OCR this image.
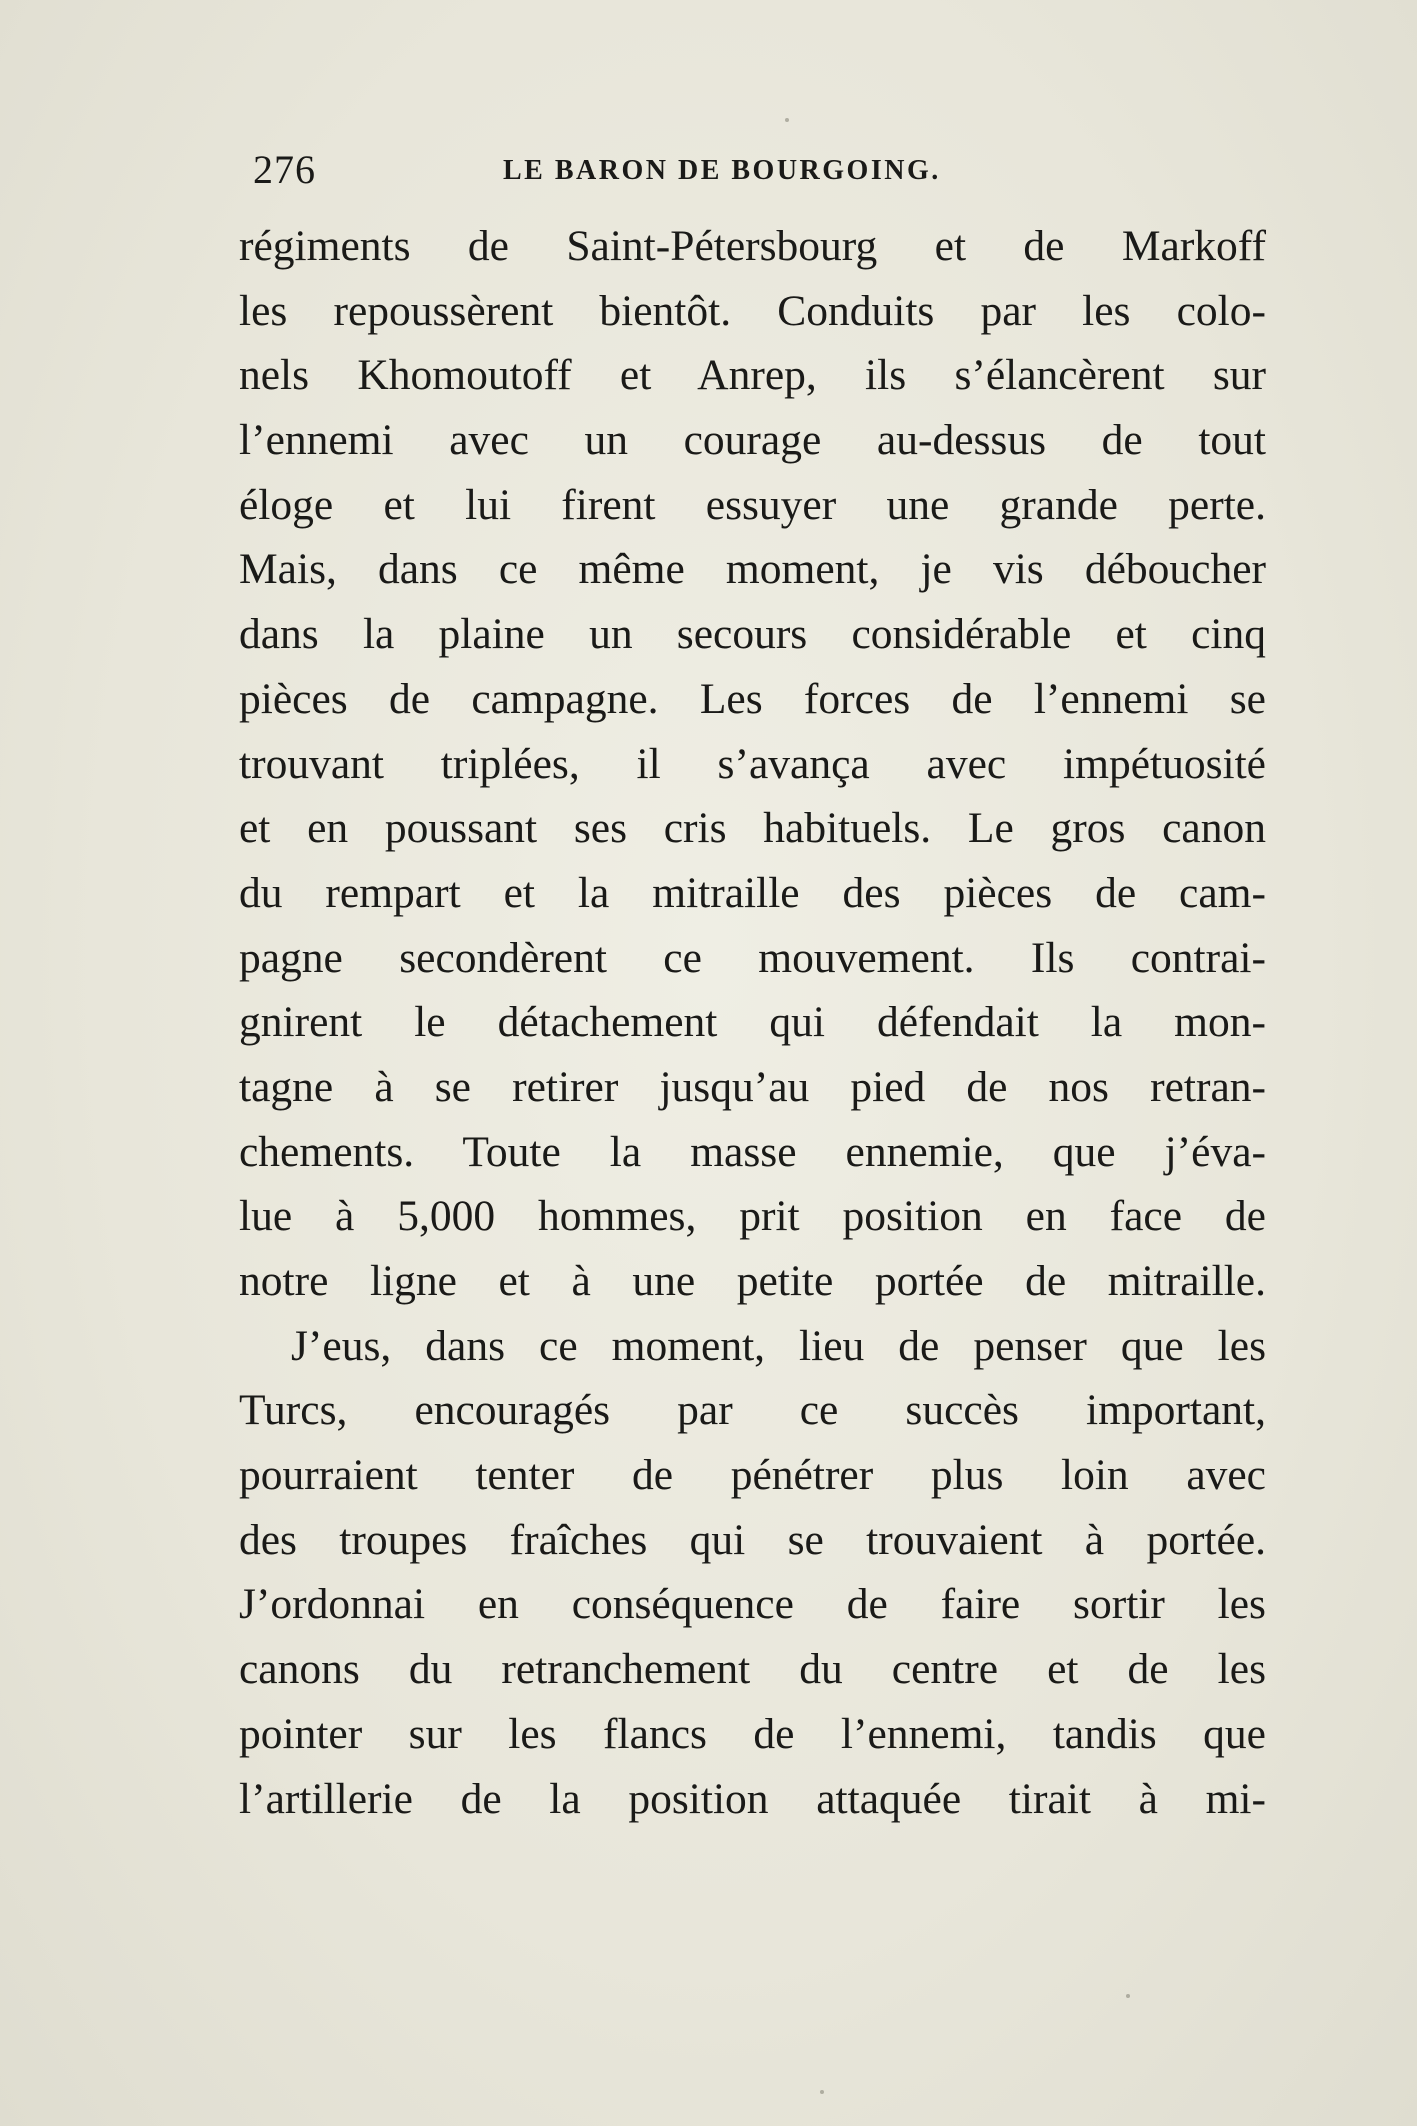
276	LE BARON DE BOURGOING.
régiments de Saint-Pétersbourg et de Markoff
les repoussèrent bientôt. Conduits par les colo-
nels Khomoutoff et Anrep, ils s’élancèrent sur
l’ennemi avec un courage au-dessus de tout
éloge et lui firent essuyer une grande perte.
Mais, dans ce même moment, je vis déboucher
dans la plaine un secours considérable et cinq
pièces de campagne. Les forces de l’ennemi se
trouvant triplées, il s’avança avec impétuosité
et en poussant ses cris habituels. Le gros canon
du rempart et la mitraille des pièces de cam-
pagne secondèrent ce mouvement. Ils contrai-
gnirent le détachement qui défendait la mon-
tagne à se retirer jusqu’au pied de nos retran-
chements. Toute la masse ennemie, que j’éva-
lue à 5,000 hommes, prit position en face de
notre ligne et à une petite portée de mitraille.
J’eus, dans ce moment, lieu de penser que les
Turcs, encouragés par ce succès important,
pourraient tenter de pénétrer plus loin avec
des troupes fraîches qui se trouvaient à portée.
J’ordonnai en conséquence de faire sortir les
canons du retranchement du centre et de les
pointer sur les flancs de l’ennemi, tandis que
l’artillerie de la position attaquée tirait à mi-
